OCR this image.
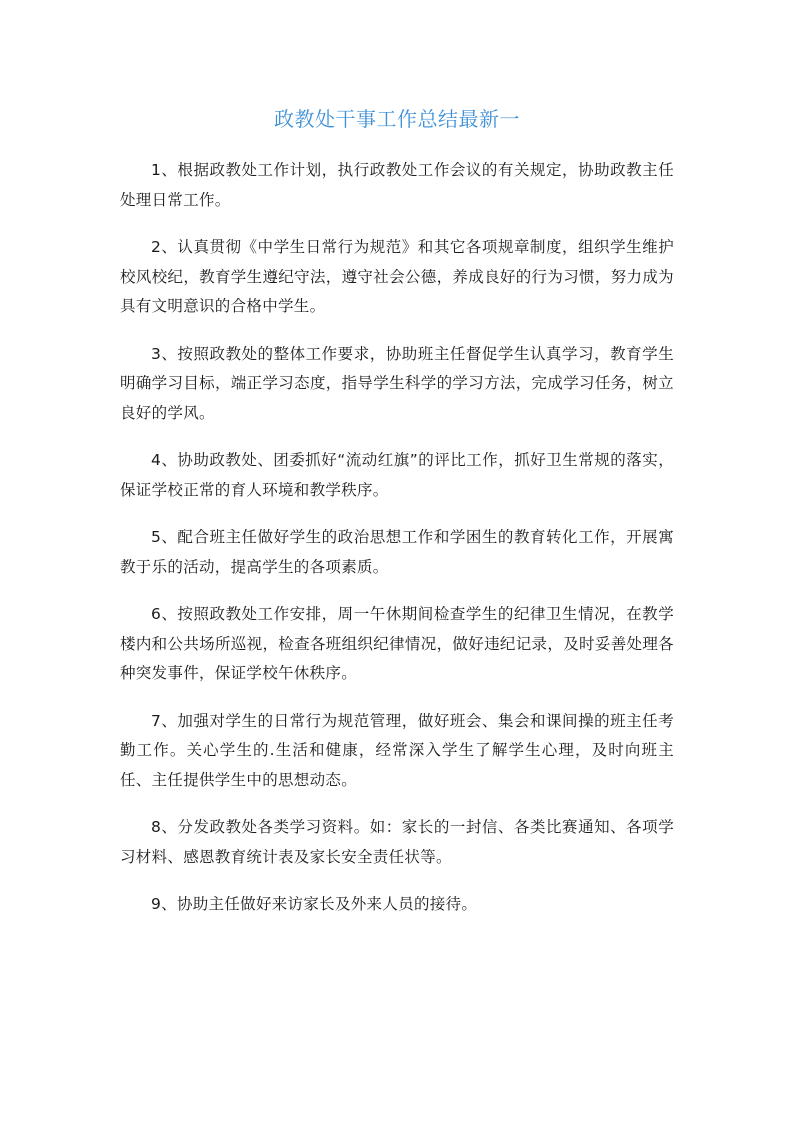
政教处干事工作总结最新一

1、根据政教处工作计划，执行政教处工作会议的有关规定，协助政教主任处理日常工作。

2、认真贯彻《中学生日常行为规范》和其它各项规章制度，组织学生维护校风校纪，教育学生遵纪守法，遵守社会公德，养成良好的行为习惯，努力成为具有文明意识的合格中学生。

3、按照政教处的整体工作要求，协助班主任督促学生认真学习，教育学生明确学习目标，端正学习态度，指导学生科学的学习方法，完成学习任务，树立良好的学风。

4、协助政教处、团委抓好“流动红旗”的评比工作，抓好卫生常规的落实，保证学校正常的育人环境和教学秩序。

5、配合班主任做好学生的政治思想工作和学困生的教育转化工作，开展寓教于乐的活动，提高学生的各项素质。

6、按照政教处工作安排，周一午休期间检查学生的纪律卫生情况，在教学楼内和公共场所巡视，检查各班组织纪律情况，做好违纪记录，及时妥善处理各种突发事件，保证学校午休秩序。

7、加强对学生的日常行为规范管理，做好班会、集会和课间操的班主任考勤工作。关心学生的.生活和健康，经常深入学生了解学生心理，及时向班主任、主任提供学生中的思想动态。

8、分发政教处各类学习资料。如：家长的一封信、各类比赛通知、各项学习材料、感恩教育统计表及家长安全责任状等。

9、协助主任做好来访家长及外来人员的接待。
